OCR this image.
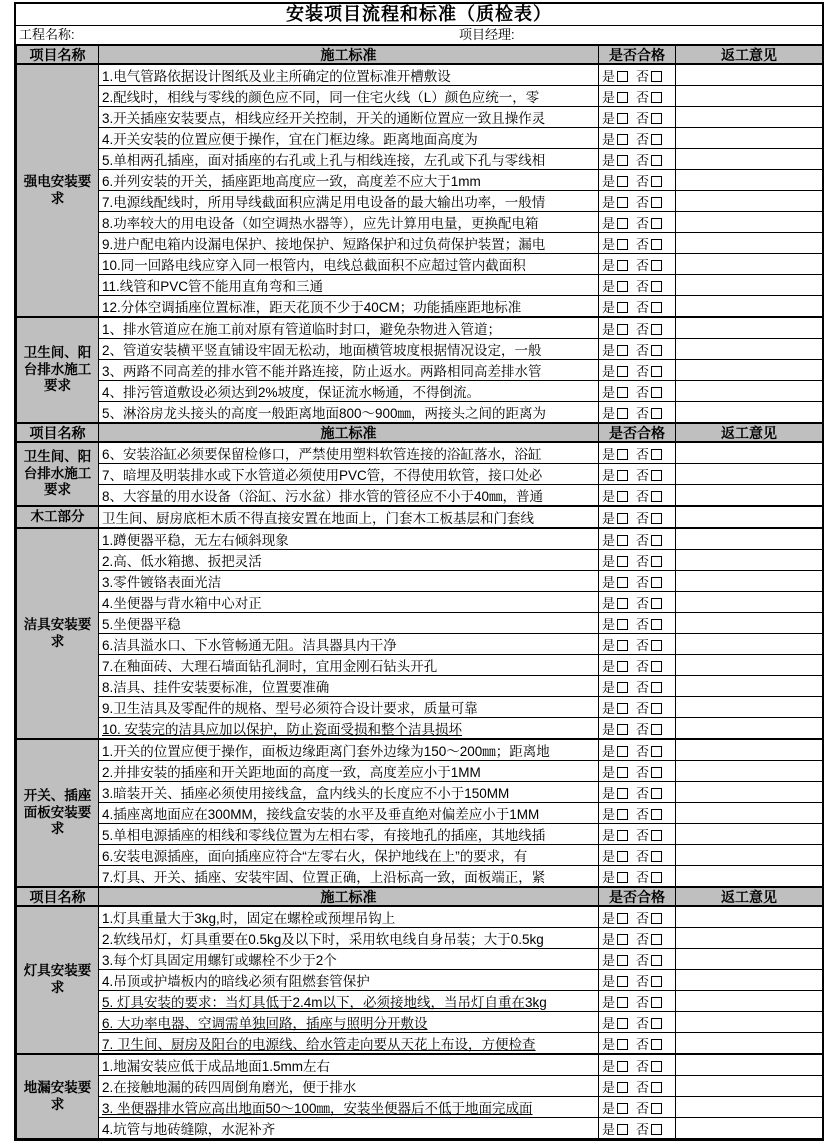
安装项目流程和标准（质检表）
工程名称:	项目经理:
项目名称	施工标准	是否合格	返工意见
强电安装要求	1.电气管路依据设计图纸及业主所确定的位置标准开槽敷设	是 否	
	2.配线时，相线与零线的颜色应不同，同一住宅火线（L）颜色应统一，零	是 否	
	3.开关插座安装要点，相线应经开关控制，开关的通断位置应一致且操作灵	是 否	
	4.开关安装的位置应便于操作，宜在门框边缘。距离地面高度为	是 否	
	5.单相两孔插座，面对插座的右孔或上孔与相线连接，左孔或下孔与零线相	是 否	
	6.并列安装的开关，插座距地高度应一致，高度差不应大于1mm	是 否	
	7.电源线配线时，所用导线截面积应满足用电设备的最大输出功率，一般情	是 否	
	8.功率较大的用电设备（如空调热水器等），应先计算用电量，更换配电箱	是 否	
	9.进户配电箱内设漏电保护、接地保护、短路保护和过负荷保护装置；漏电	是 否	
	10.同一回路电线应穿入同一根管内，电线总截面积不应超过管内截面积	是 否	
	11.线管和PVC管不能用直角弯和三通	是 否	
	12.分体空调插座位置标准，距天花顶不少于40CM；功能插座距地标准	是 否	
卫生间、阳台排水施工要求	1、排水管道应在施工前对原有管道临时封口，避免杂物进入管道；	是 否	
	2、管道安装横平竖直铺设牢固无松动，地面横管坡度根据情况设定，一般	是 否	
	3、两路不同高差的排水管不能并路连接，防止返水。两路相同高差排水管	是 否	
	4、排污管道敷设必须达到2%坡度，保证流水畅通，不得倒流。	是 否	
	5、淋浴房龙头接头的高度一般距离地面800～900㎜，两接头之间的距离为	是 否	
项目名称	施工标准	是否合格	返工意见
卫生间、阳台排水施工要求	6、安装浴缸必须要保留检修口，严禁使用塑料软管连接的浴缸落水，浴缸	是 否	
	7、暗埋及明装排水或下水管道必须使用PVC管，不得使用软管，接口处必	是 否	
	8、大容量的用水设备（浴缸、污水盆）排水管的管径应不小于40㎜，普通	是 否	
木工部分	卫生间、厨房底柜木质不得直接安置在地面上，门套木工板基层和门套线	是 否	
洁具安装要求	1.蹲便器平稳，无左右倾斜现象	是 否	
	2.高、低水箱摠、扳把灵活	是 否	
	3.零件镀铬表面光洁	是 否	
	4.坐便器与背水箱中心对正	是 否	
	5.坐便器平稳	是 否	
	6.洁具溢水口、下水管畅通无阻。洁具器具内干净	是 否	
	7.在釉面砖、大理石墙面钻孔洞时，宜用金刚石钻头开孔	是 否	
	8.洁具、挂件安装要标准，位置要准确	是 否	
	9.卫生洁具及零配件的规格、型号必须符合设计要求，质量可靠	是 否	
	10. 安装完的洁具应加以保护，防止瓷面受损和整个洁具损坏	是 否	
开关、插座面板安装要求	1.开关的位置应便于操作，面板边缘距离门套外边缘为150～200㎜；距离地	是 否	
	2.并排安装的插座和开关距地面的高度一致，高度差应小于1MM	是 否	
	3.暗装开关、插座必须使用接线盒，盒内线头的长度应不小于150MM	是 否	
	4.插座离地面应在300MM，接线盒安装的水平及垂直绝对偏差应小于1MM	是 否	
	5.单相电源插座的相线和零线位置为左相右零，有接地孔的插座，其地线插	是 否	
	6.安装电源插座，面向插座应符合“左零右火，保护地线在上”的要求，有	是 否	
	7.灯具、开关、插座、安装牢固、位置正确，上沿标高一致，面板端正，紧	是 否	
项目名称	施工标准	是否合格	返工意见
灯具安装要求	1.灯具重量大于3kg,时，固定在螺栓或预埋吊钩上	是 否	
	2.软线吊灯，灯具重要在0.5kg及以下时，采用软电线自身吊装；大于0.5kg	是 否	
	3.每个灯具固定用螺钉或螺栓不少于2个	是 否	
	4.吊顶或护墙板内的暗线必须有阻燃套管保护	是 否	
	5. 灯具安装的要求：当灯具低于2.4m以下，必须接地线，当吊灯自重在3kg	是 否	
	6. 大功率电器、空调需单独回路，插座与照明分开敷设	是 否	
	7. 卫生间、厨房及阳台的电源线、给水管走向要从天花上布设，方便检查	是 否	
地漏安装要求	1.地漏安装应低于成品地面1.5mm左右	是 否	
	2.在接触地漏的砖四周倒角磨光，便于排水	是 否	
	3. 坐便器排水管应高出地面50～100㎜，安装坐便器后不低于地面完成面	是 否	
	4.坑管与地砖缝隙，水泥补齐	是 否	
